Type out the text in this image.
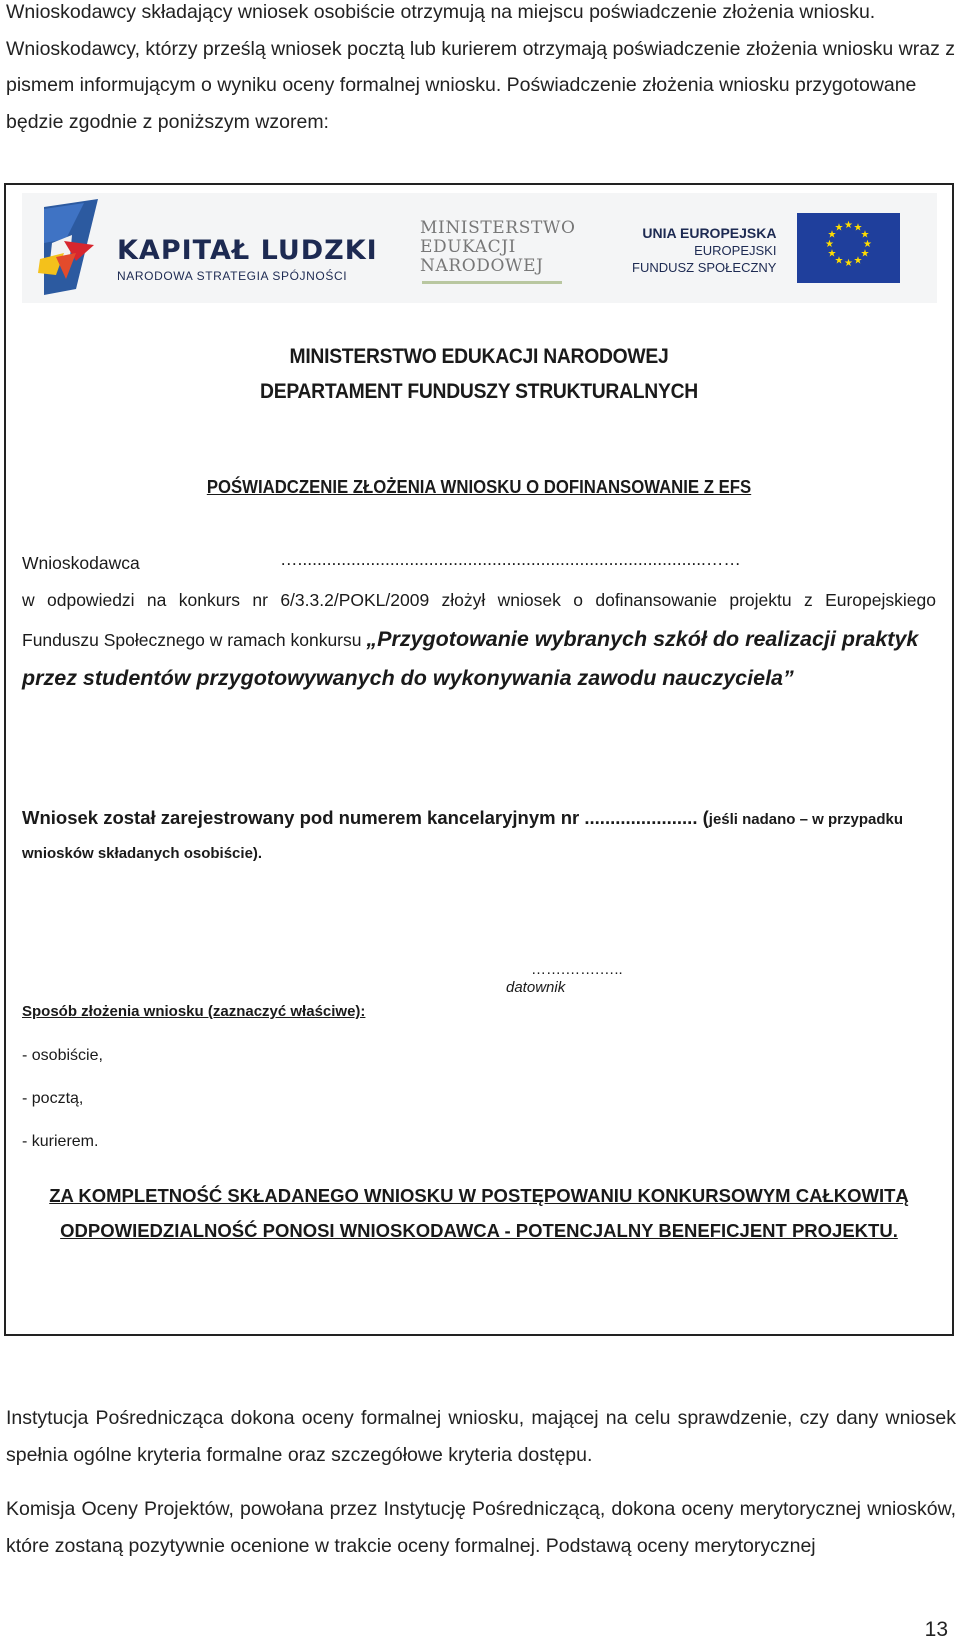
Wnioskodawcy składający wniosek osobiście otrzymują na miejscu poświadczenie złożenia wniosku. Wnioskodawcy, którzy prześlą wniosek pocztą lub kurierem otrzymają poświadczenie złożenia wniosku wraz z pismem informującym o wyniku oceny formalnej wniosku. Poświadczenie złożenia wniosku przygotowane będzie zgodnie z poniższym wzorem:

KAPITAŁ LUDZKI
NARODOWA STRATEGIA SPÓJNOŚCI
MINISTERSTWO
EDUKACJI
NARODOWEJ
UNIA EUROPEJSKA
EUROPEJSKI
FUNDUSZ SPOŁECZNY
★ ★
★
★
★
★
★
★
★
★
★
★
MINISTERSTWO EDUKACJI NARODOWEJ
DEPARTAMENT FUNDUSZY STRUKTURALNYCH
POŚWIADCZENIE ZŁOŻENIA WNIOSKU O DOFINANSOWANIE Z EFS
Wnioskodawca	…....................................................................................……
w odpowiedzi na konkurs nr 6/3.3.2/POKL/2009 złożył wniosek o dofinansowanie projektu z Europejskiego
Funduszu Społecznego w ramach konkursu „Przygotowanie wybranych szkół do realizacji praktyk
przez studentów przygotowywanych do wykonywania zawodu nauczyciela”
Wniosek został zarejestrowany pod numerem kancelaryjnym nr ...................... (jeśli nadano – w przypadku
wniosków składanych osobiście).
…….…….…..
datownik
Sposób złożenia wniosku (zaznaczyć właściwe):
- osobiście,
- pocztą,
- kurierem.
ZA KOMPLETNOŚĆ SKŁADANEGO WNIOSKU W POSTĘPOWANIU KONKURSOWYM CAŁKOWITĄ
ODPOWIEDZIALNOŚĆ PONOSI WNIOSKODAWCA - POTENCJALNY BENEFICJENT PROJEKTU.

Instytucja Pośrednicząca dokona oceny formalnej wniosku, mającej na celu sprawdzenie, czy dany wniosek spełnia ogólne kryteria formalne oraz szczegółowe kryteria dostępu.

Komisja Oceny Projektów, powołana przez Instytucję Pośredniczącą, dokona oceny merytorycznej wniosków, które zostaną pozytywnie ocenione w trakcie oceny formalnej. Podstawą oceny merytorycznej

13
